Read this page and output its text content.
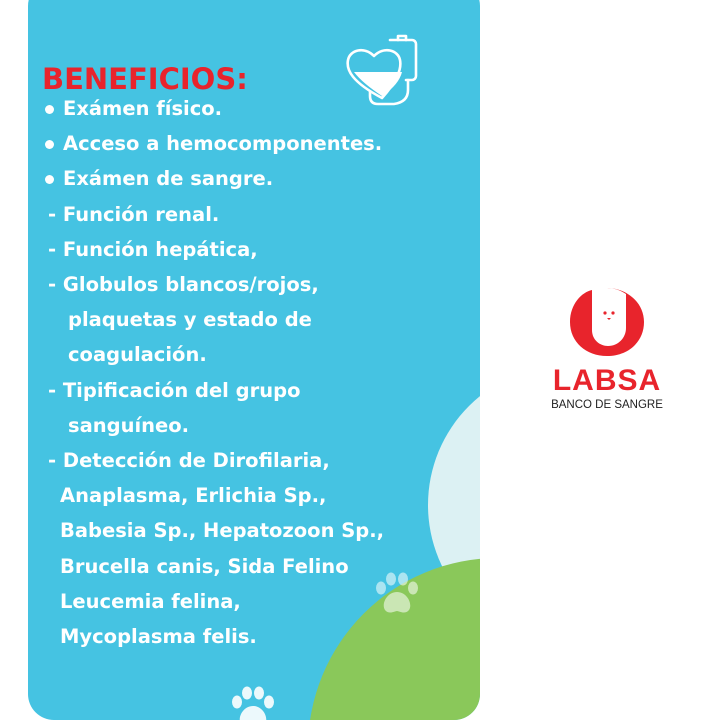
BENEFICIOS:
Exámen físico.
Acceso a hemocomponentes.
Exámen de sangre.
- Función renal.
- Función hepática,
- Globulos blancos/rojos,
plaquetas y estado de
coagulación.
- Tipificación del grupo
sanguíneo.
- Detección de Dirofilaria,
Anaplasma, Erlichia Sp.,
Babesia Sp., Hepatozoon Sp.,
Brucella canis, Sida Felino
Leucemia felina,
Mycoplasma felis.
LABSA
BANCO DE SANGRE
